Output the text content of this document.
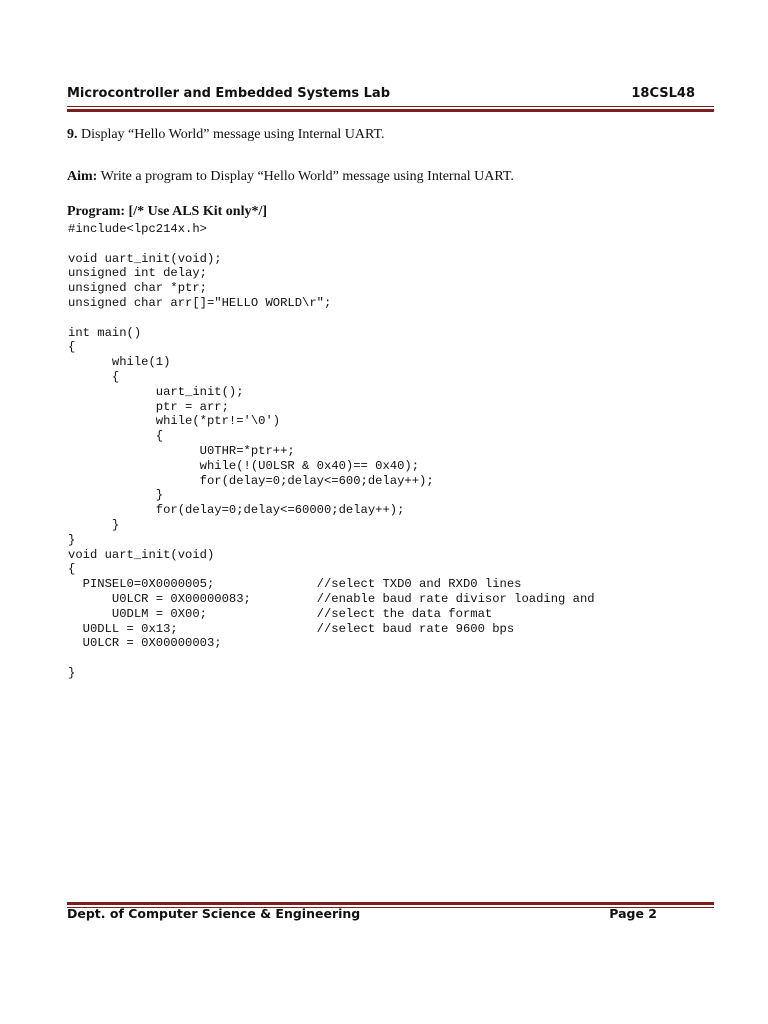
Microcontroller and Embedded Systems Lab	18CSL48
9. Display “Hello World” message using Internal UART.
Aim: Write a program to Display “Hello World” message using Internal UART.
Program: [/* Use ALS Kit only*/]
#include<lpc214x.h>

void uart_init(void);
unsigned int delay;
unsigned char *ptr;
unsigned char arr[]="HELLO WORLD\r";

int main()
{
while(1)
{
uart_init();
ptr = arr;
while(*ptr!='\0')
{
U0THR=*ptr++;
while(!(U0LSR & 0x40)== 0x40);
for(delay=0;delay<=600;delay++);
}
for(delay=0;delay<=60000;delay++);
}
}
void uart_init(void)
{
PINSEL0=0X0000005;              //select TXD0 and RXD0 lines
U0LCR = 0X00000083;         //enable baud rate divisor loading and
U0DLM = 0X00;               //select the data format
U0DLL = 0x13;                   //select baud rate 9600 bps
U0LCR = 0X00000003;

}
Dept. of Computer Science & Engineering	Page 2
